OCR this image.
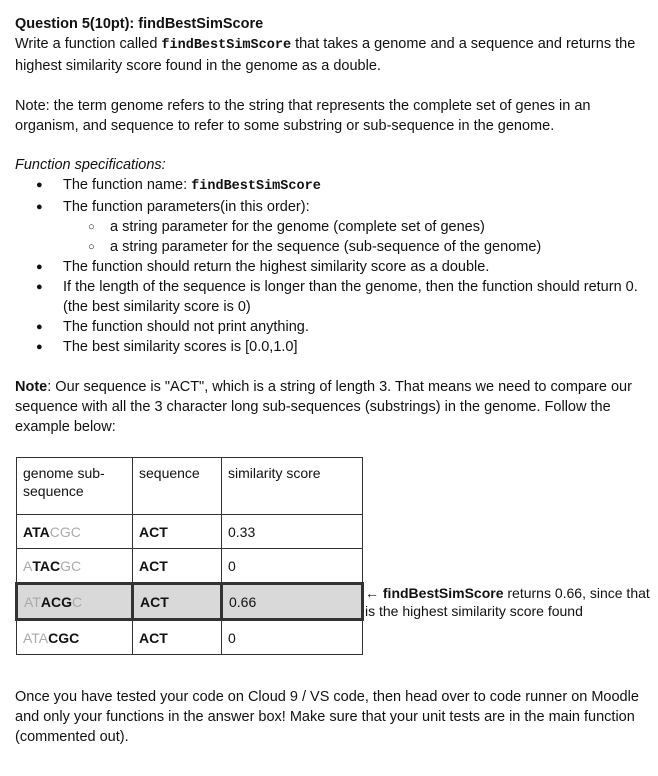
Question 5(10pt): findBestSimScore

Write a function called findBestSimScore that takes a genome and a sequence and returns the highest similarity score found in the genome as a double.

Note: the term genome refers to the string that represents the complete set of genes in an organism, and sequence to refer to some substring or sub-sequence in the genome.

Function specifications:
● The function name: findBestSimScore
● The function parameters(in this order):
○ a string parameter for the genome (complete set of genes)
○ a string parameter for the sequence (sub-sequence of the genome)
● The function should return the highest similarity score as a double.
● If the length of the sequence is longer than the genome, then the function should return 0. (the best similarity score is 0)
● The function should not print anything.
● The best similarity scores is [0.0,1.0]

Note: Our sequence is "ACT", which is a string of length 3. That means we need to compare our sequence with all the 3 character long sub-sequences (substrings) in the genome. Follow the example below:

genome sub-sequence	sequence	similarity score
ATACGC	ACT	0.33
ATACGC	ACT	0
ATACGC	ACT	0.66
ATACGC	ACT	0
← findBestSimScore returns 0.66, since that is the highest similarity score found

Once you have tested your code on Cloud 9 / VS code, then head over to code runner on Moodle and only your functions in the answer box! Make sure that your unit tests are in the main function (commented out).
